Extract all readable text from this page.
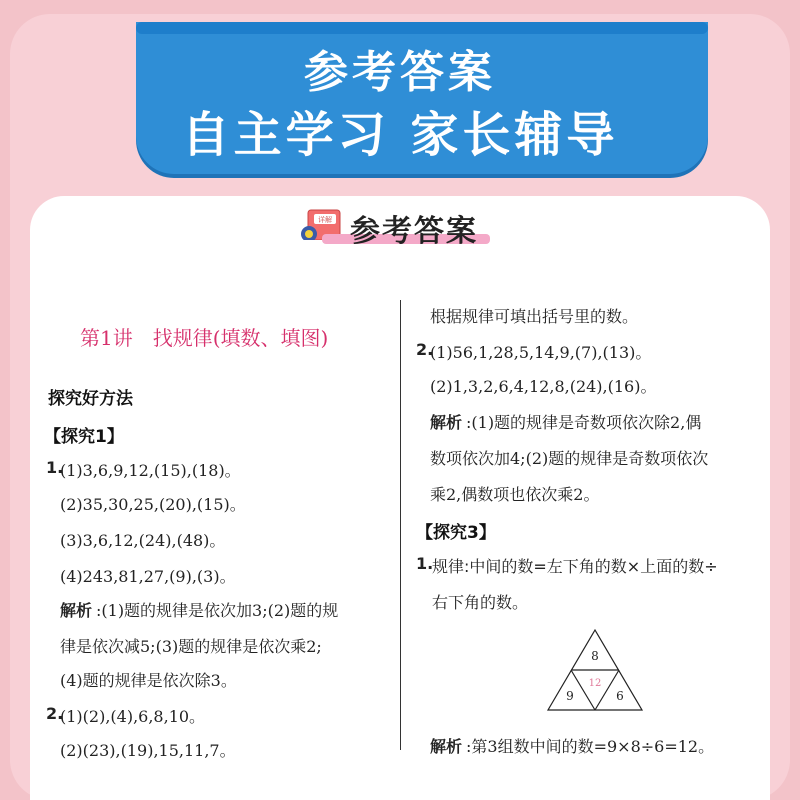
参考答案
自主学习 家长辅导
详解 参考答案
第1讲　找规律(填数、填图)
探究好方法
【探究1】
1.
(1)3,6,9,12,(15),(18)。
(2)35,30,25,(20),(15)。
(3)3,6,12,(24),(48)。
(4)243,81,27,(9),(3)。
解析 :(1)题的规律是依次加3;(2)题的规
律是依次减5;(3)题的规律是依次乘2;
(4)题的规律是依次除3。
2.
(1)(2),(4),6,8,10。
(2)(23),(19),15,11,7。
根据规律可填出括号里的数。
2.
(1)56,1,28,5,14,9,(7),(13)。
(2)1,3,2,6,4,12,8,(24),(16)。
解析 :(1)题的规律是奇数项依次除2,偶
数项依次加4;(2)题的规律是奇数项依次
乘2,偶数项也依次乘2。
【探究3】
1.
规律:中间的数=左下角的数×上面的数÷
右下角的数。
8
12
9	6
解析 :第3组数中间的数=9×8÷6=12。
